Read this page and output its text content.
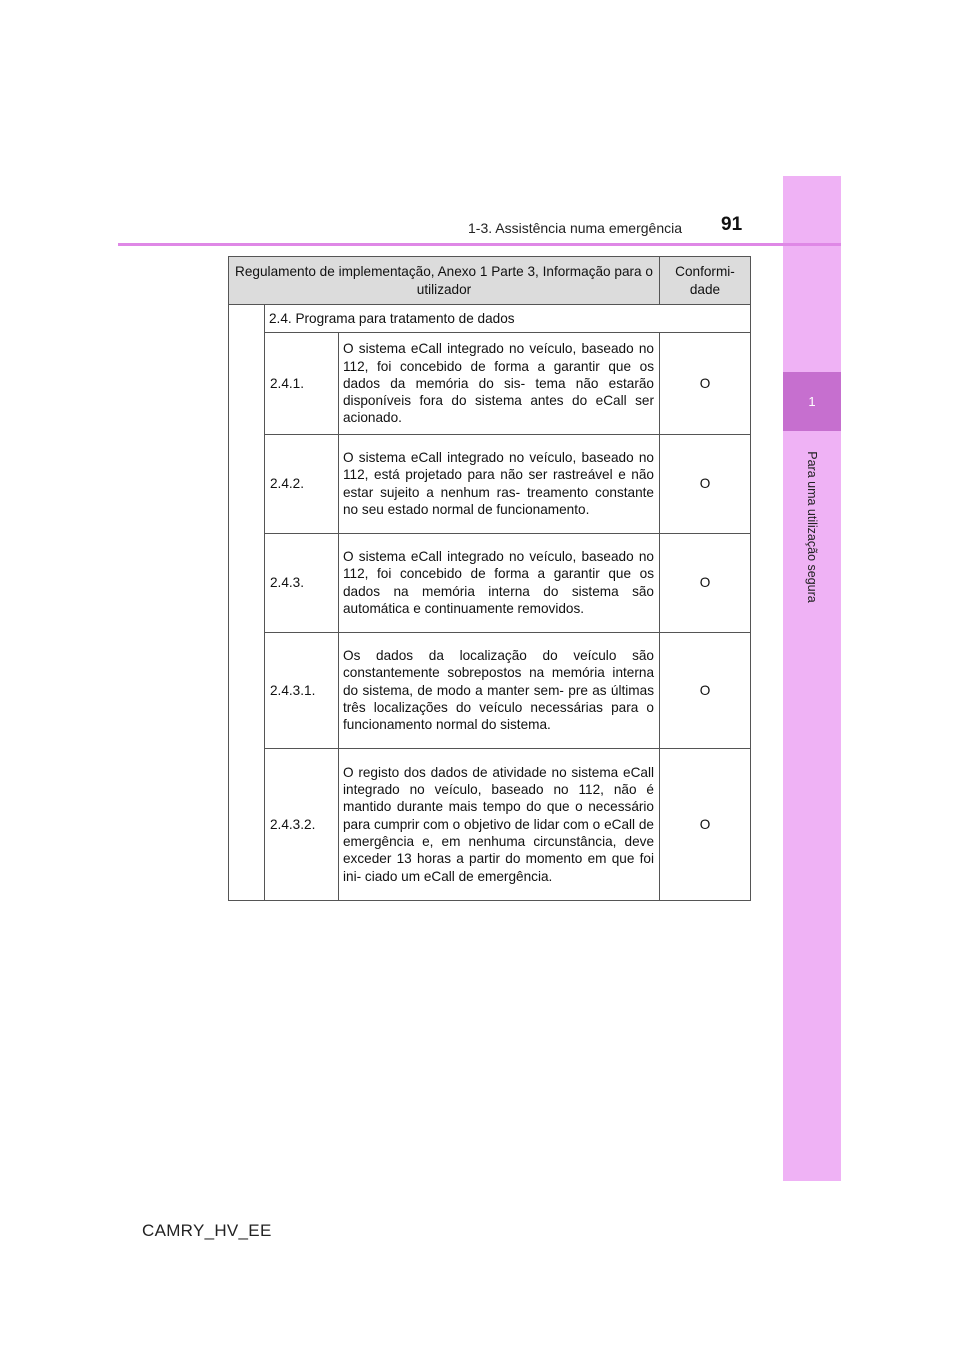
1
Para uma utilização segura
1-3. Assistência numa emergência 91
Regulamento de implementação, Anexo 1 Parte 3, Informação para o utilizador			Conformi- dade
	2.4. Programa para tratamento de dados		
	2.4.1.	O sistema eCall integrado no veículo, baseado no 112, foi concebido de forma a garantir que os dados da memória do sis- tema não estarão disponíveis fora do sistema antes do eCall ser acionado.	O
	2.4.2.	O sistema eCall integrado no veículo, baseado no 112, está projetado para não ser rastreável e não estar sujeito a nenhum ras- treamento constante no seu estado normal de funcionamento.	O
	2.4.3.	O sistema eCall integrado no veículo, baseado no 112, foi concebido de forma a garantir que os dados na memória interna do sistema são automática e continuamente removidos.	O
	2.4.3.1.	Os dados da localização do veículo são constantemente sobrepostos na memória interna do sistema, de modo a manter sem- pre as últimas três localizações do veículo necessárias para o funcionamento normal do sistema.	O
	2.4.3.2.	O registo dos dados de atividade no sistema eCall integrado no veículo, baseado no 112, não é mantido durante mais tempo do que o necessário para cumprir com o objetivo de lidar com o eCall de emergência e, em nenhuma circunstância, deve exceder 13 horas a partir do momento em que foi ini- ciado um eCall de emergência.	O
CAMRY_HV_EE
